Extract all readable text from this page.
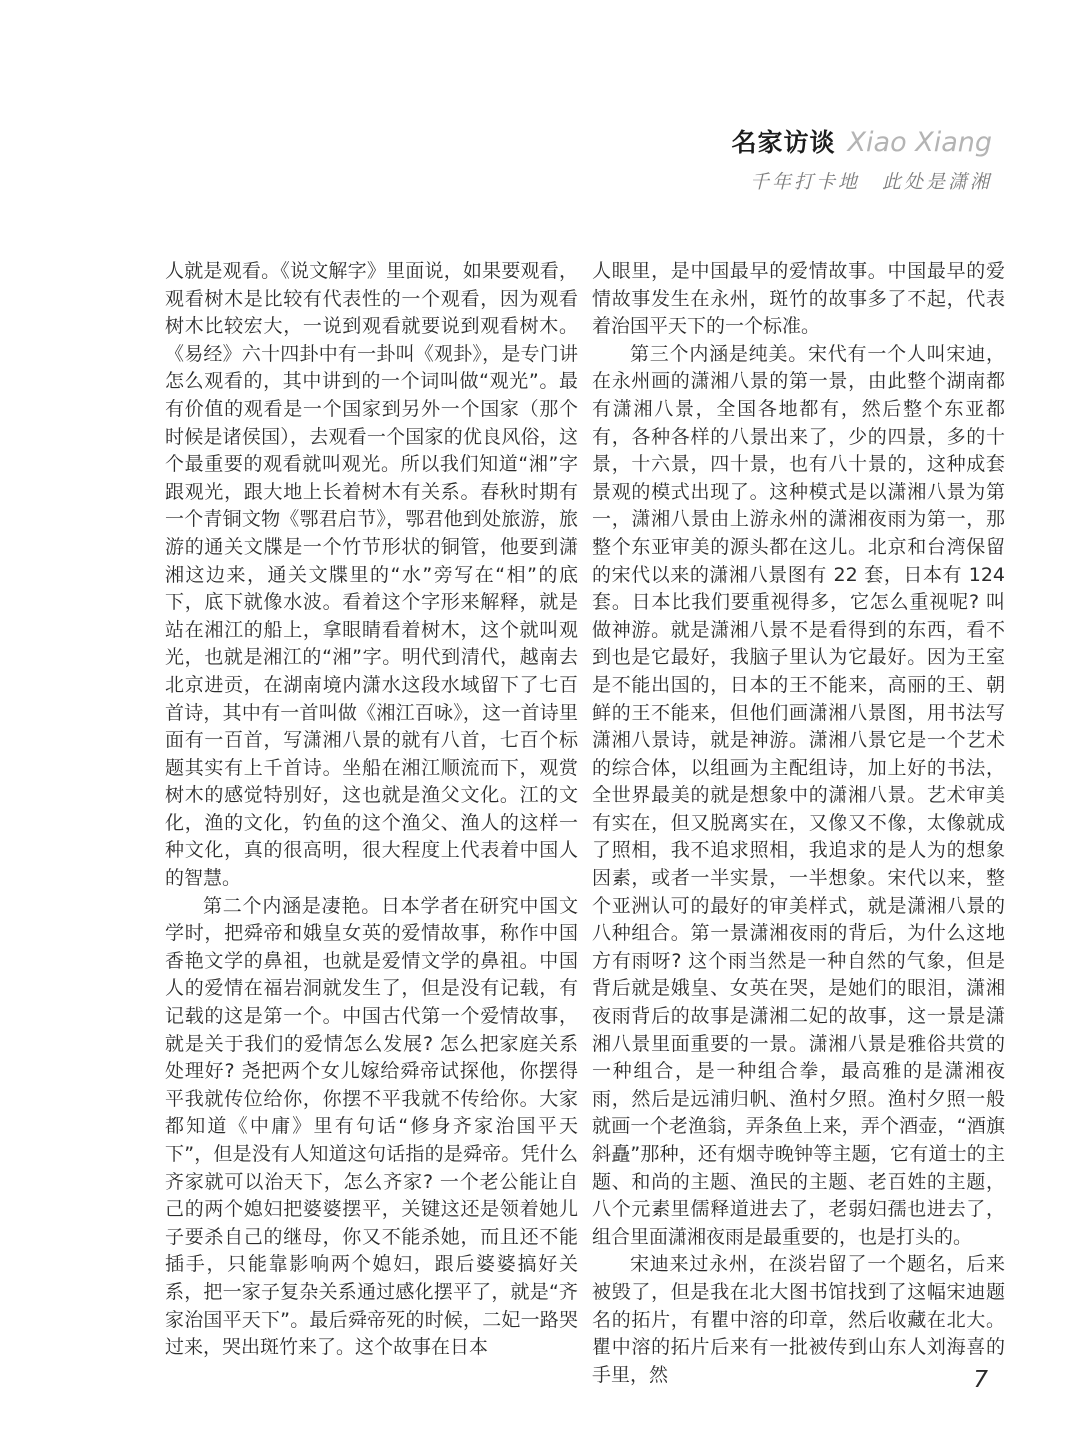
名家访谈 Xiao Xiang
千年打卡地　此处是潇湘

人就是观看。《说文解字》里面说，如果要观看，观看树木是比较有代表性的一个观看，因为观看树木比较宏大，一说到观看就要说到观看树木。《易经》六十四卦中有一卦叫《观卦》，是专门讲怎么观看的，其中讲到的一个词叫做“观光”。最有价值的观看是一个国家到另外一个国家（那个时候是诸侯国），去观看一个国家的优良风俗，这个最重要的观看就叫观光。所以我们知道“湘”字跟观光，跟大地上长着树木有关系。春秋时期有一个青铜文物《鄂君启节》，鄂君他到处旅游，旅游的通关文牒是一个竹节形状的铜管，他要到潇湘这边来，通关文牒里的“水”旁写在“相”的底下，底下就像水波。看着这个字形来解释，就是站在湘江的船上，拿眼睛看着树木，这个就叫观光，也就是湘江的“湘”字。明代到清代，越南去北京进贡，在湖南境内潇水这段水域留下了七百首诗，其中有一首叫做《湘江百咏》，这一首诗里面有一百首，写潇湘八景的就有八首，七百个标题其实有上千首诗。坐船在湘江顺流而下，观赏树木的感觉特别好，这也就是渔父文化。江的文化，渔的文化，钓鱼的这个渔父、渔人的这样一种文化，真的很高明，很大程度上代表着中国人的智慧。

第二个内涵是凄艳。日本学者在研究中国文学时，把舜帝和娥皇女英的爱情故事，称作中国香艳文学的鼻祖，也就是爱情文学的鼻祖。中国人的爱情在福岩洞就发生了，但是没有记载，有记载的这是第一个。中国古代第一个爱情故事，就是关于我们的爱情怎么发展? 怎么把家庭关系处理好? 尧把两个女儿嫁给舜帝试探他，你摆得平我就传位给你，你摆不平我就不传给你。大家都知道《中庸》里有句话“修身齐家治国平天下”，但是没有人知道这句话指的是舜帝。凭什么齐家就可以治天下，怎么齐家? 一个老公能让自己的两个媳妇把婆婆摆平，关键这还是领着她儿子要杀自己的继母，你又不能杀她，而且还不能插手，只能靠影响两个媳妇，跟后婆婆搞好关系，把一家子复杂关系通过感化摆平了，就是“齐家治国平天下”。最后舜帝死的时候，二妃一路哭过来，哭出斑竹来了。这个故事在日本

人眼里，是中国最早的爱情故事。中国最早的爱情故事发生在永州，斑竹的故事多了不起，代表着治国平天下的一个标准。

第三个内涵是纯美。宋代有一个人叫宋迪，在永州画的潇湘八景的第一景，由此整个湖南都有潇湘八景，全国各地都有，然后整个东亚都有，各种各样的八景出来了，少的四景，多的十景，十六景，四十景，也有八十景的，这种成套景观的模式出现了。这种模式是以潇湘八景为第一，潇湘八景由上游永州的潇湘夜雨为第一，那整个东亚审美的源头都在这儿。北京和台湾保留的宋代以来的潇湘八景图有 22 套，日本有 124 套。日本比我们要重视得多，它怎么重视呢? 叫做神游。就是潇湘八景不是看得到的东西，看不到也是它最好，我脑子里认为它最好。因为王室是不能出国的，日本的王不能来，高丽的王、朝鲜的王不能来，但他们画潇湘八景图，用书法写潇湘八景诗，就是神游。潇湘八景它是一个艺术的综合体，以组画为主配组诗，加上好的书法，全世界最美的就是想象中的潇湘八景。艺术审美有实在，但又脱离实在，又像又不像，太像就成了照相，我不追求照相，我追求的是人为的想象因素，或者一半实景，一半想象。宋代以来，整个亚洲认可的最好的审美样式，就是潇湘八景的八种组合。第一景潇湘夜雨的背后，为什么这地方有雨呀? 这个雨当然是一种自然的气象，但是背后就是娥皇、女英在哭，是她们的眼泪，潇湘夜雨背后的故事是潇湘二妃的故事，这一景是潇湘八景里面重要的一景。潇湘八景是雅俗共赏的一种组合，是一种组合拳，最高雅的是潇湘夜雨，然后是远浦归帆、渔村夕照。渔村夕照一般就画一个老渔翁，弄条鱼上来，弄个酒壶，“酒旗斜矗”那种，还有烟寺晚钟等主题，它有道士的主题、和尚的主题、渔民的主题、老百姓的主题，八个元素里儒释道进去了，老弱妇孺也进去了，组合里面潇湘夜雨是最重要的，也是打头的。

宋迪来过永州，在淡岩留了一个题名，后来被毁了，但是我在北大图书馆找到了这幅宋迪题名的拓片，有瞿中溶的印章，然后收藏在北大。瞿中溶的拓片后来有一批被传到山东人刘海喜的手里，然	7
